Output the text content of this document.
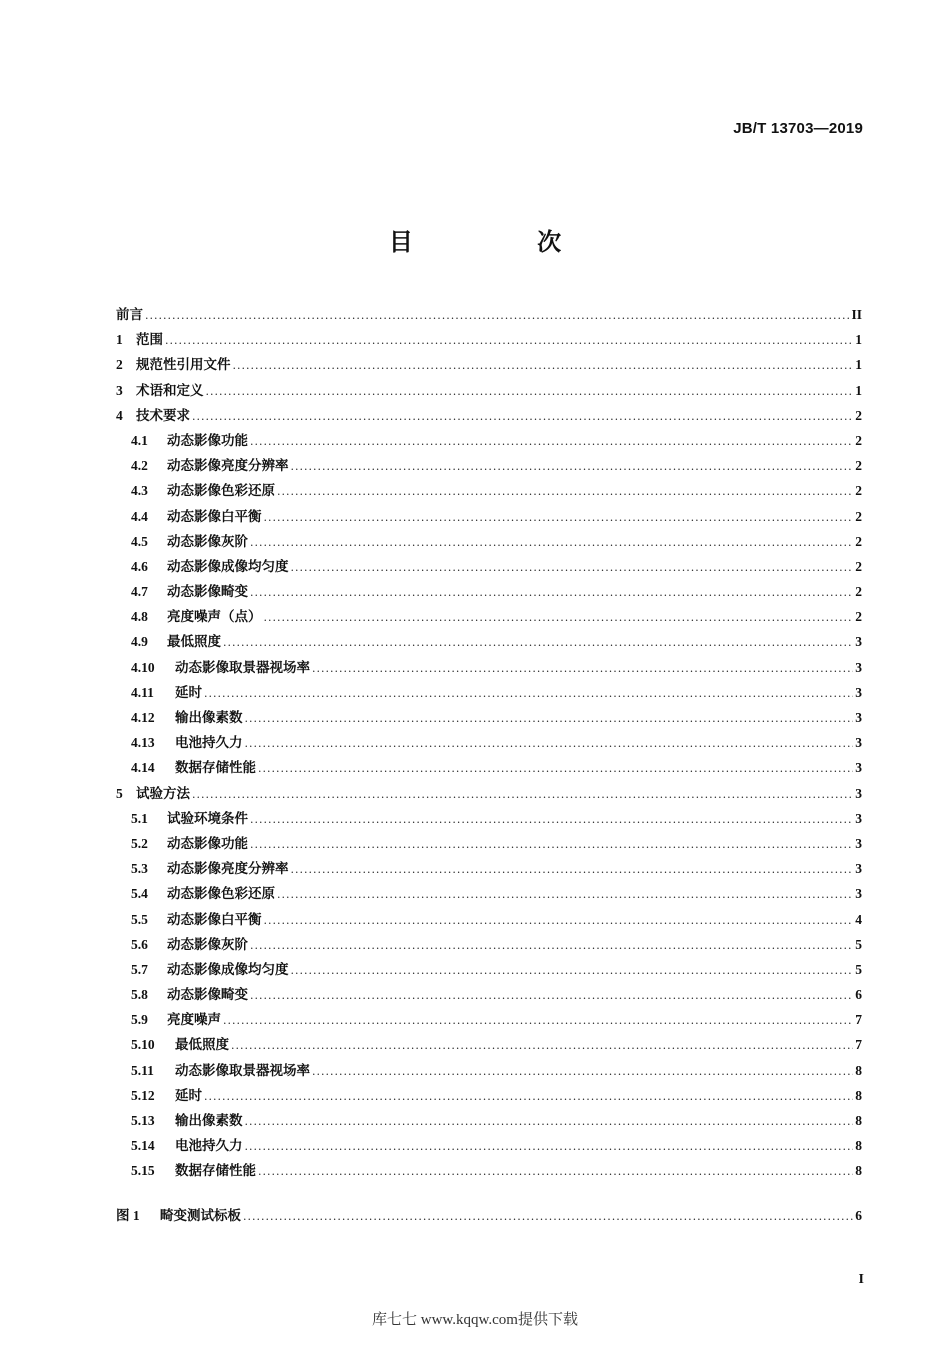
JB/T 13703—2019
目 次
前言 .....	II
1 范围 .....	1
2 规范性引用文件 .....	1
3 术语和定义 .....	1
4 技术要求 .....	2
4.1	动态影像功能 .....	2
4.2	动态影像亮度分辨率 .....	2
4.3	动态影像色彩还原 .....	2
4.4	动态影像白平衡 .....	2
4.5	动态影像灰阶 .....	2
4.6	动态影像成像均匀度 .....	2
4.7	动态影像畸变 .....	2
4.8	亮度噪声（点） .....	2
4.9	最低照度 .....	3
4.10	动态影像取景器视场率 .....	3
4.11	延时 .....	3
4.12	输出像素数 .....	3
4.13	电池持久力 .....	3
4.14	数据存储性能 .....	3
5 试验方法 .....	3
5.1	试验环境条件 .....	3
5.2	动态影像功能 .....	3
5.3	动态影像亮度分辨率 .....	3
5.4	动态影像色彩还原 .....	3
5.5	动态影像白平衡 .....	4
5.6	动态影像灰阶 .....	5
5.7	动态影像成像均匀度 .....	5
5.8	动态影像畸变 .....	6
5.9	亮度噪声 .....	7
5.10	最低照度 .....	7
5.11	动态影像取景器视场率 .....	8
5.12	延时 .....	8
5.13	输出像素数 .....	8
5.14	电池持久力 .....	8
5.15	数据存储性能 .....	8
图 1	畸变测试标板 .....	6
I
库七七 www.kqqw.com提供下载
